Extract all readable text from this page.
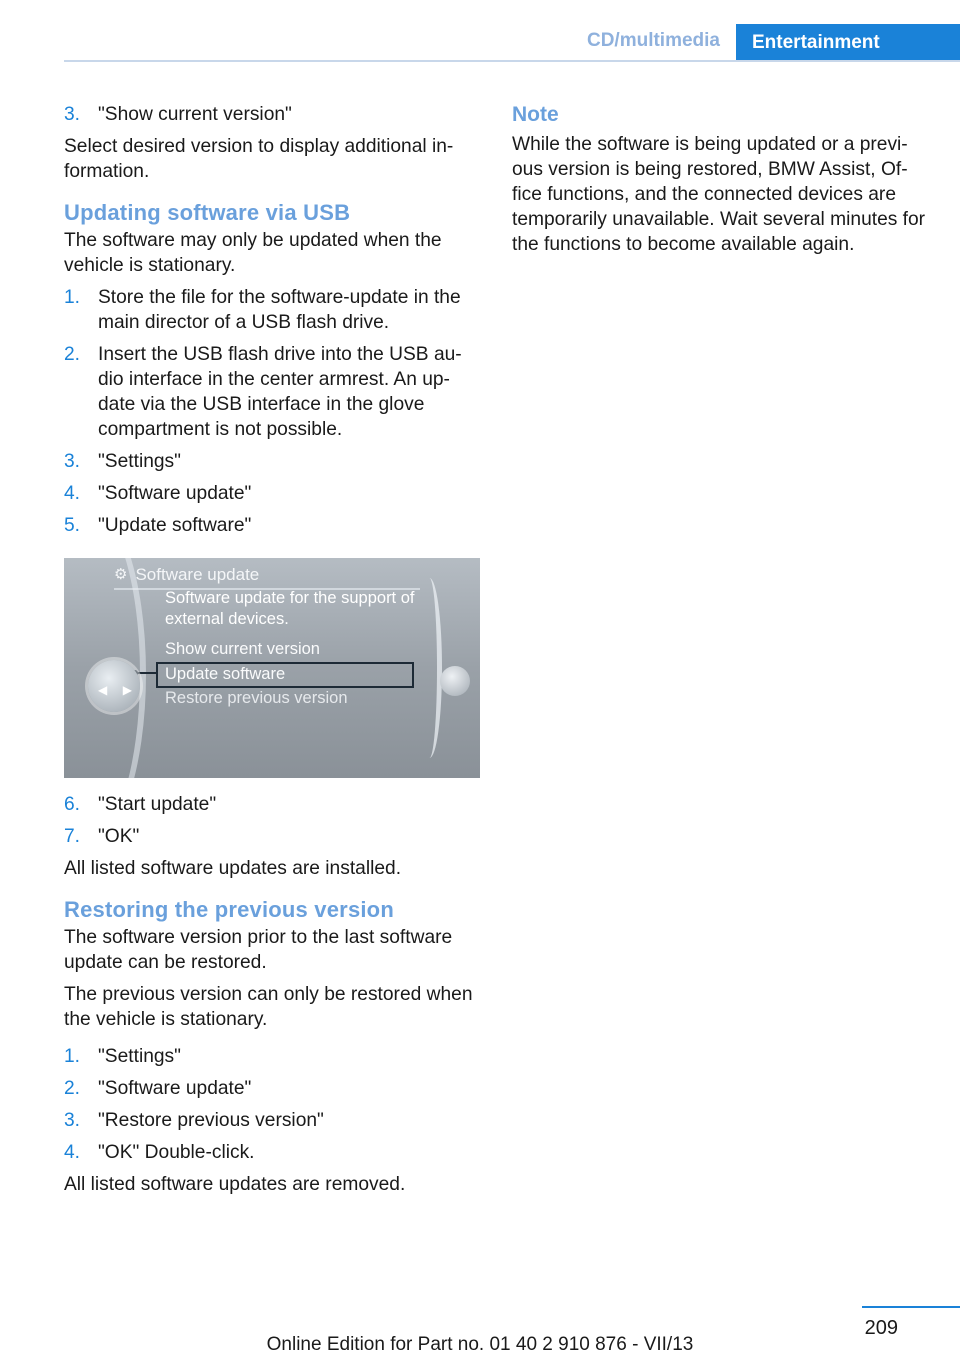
CD/multimedia	Entertainment
3. "Show current version"

Select desired version to display additional in‐formation.

Updating software via USB

The software may only be updated when the vehicle is stationary.

1. Store the file for the software-update in the main director of a USB flash drive.
2. Insert the USB flash drive into the USB au‐dio interface in the center armrest. An up‐date via the USB interface in the glove compartment is not possible.
3. "Settings"
4. "Software update"
5. "Update software"
⚙ Software update
Software update for the support of external devices.
Show current version
Update software
Restore previous version
◀ ▶
6. "Start update"
7. "OK"

All listed software updates are installed.

Restoring the previous version

The software version prior to the last software update can be restored.

The previous version can only be restored when the vehicle is stationary.

1. "Settings"
2. "Software update"
3. "Restore previous version"
4. "OK" Double-click.

All listed software updates are removed.

Note

While the software is being updated or a previ‐ous version is being restored, BMW Assist, Of‐fice functions, and the connected devices are temporarily unavailable. Wait several minutes for the functions to become available again.

209
Online Edition for Part no. 01 40 2 910 876 - VII/13
